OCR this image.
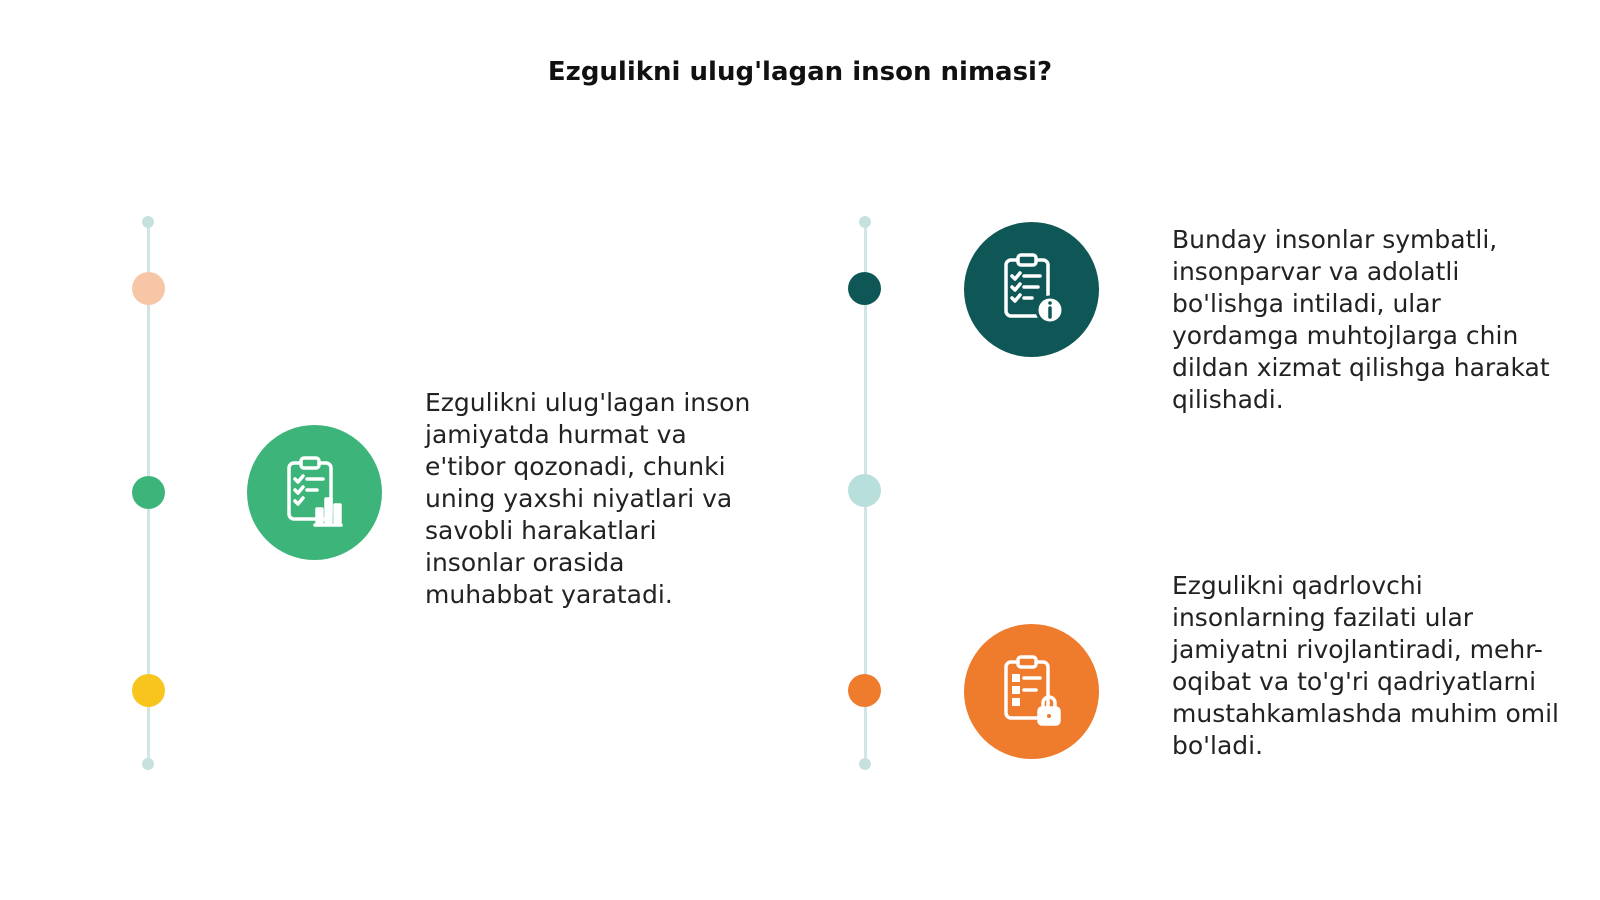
Ezgulikni ulug'lagan inson nimasi?

Ezgulikni ulug'lagan inson jamiyatda hurmat va e'tibor qozonadi, chunki uning yaxshi niyatlari va savobli harakatlari insonlar orasida muhabbat yaratadi.

Bunday insonlar symbatli, insonparvar va adolatli bo'lishga intiladi, ular yordamga muhtojlarga chin dildan xizmat qilishga harakat qilishadi.

Ezgulikni qadrlovchi insonlarning fazilati ular jamiyatni rivojlantiradi, mehr-oqibat va to'g'ri qadriyatlarni mustahkamlashda muhim omil bo'ladi.
